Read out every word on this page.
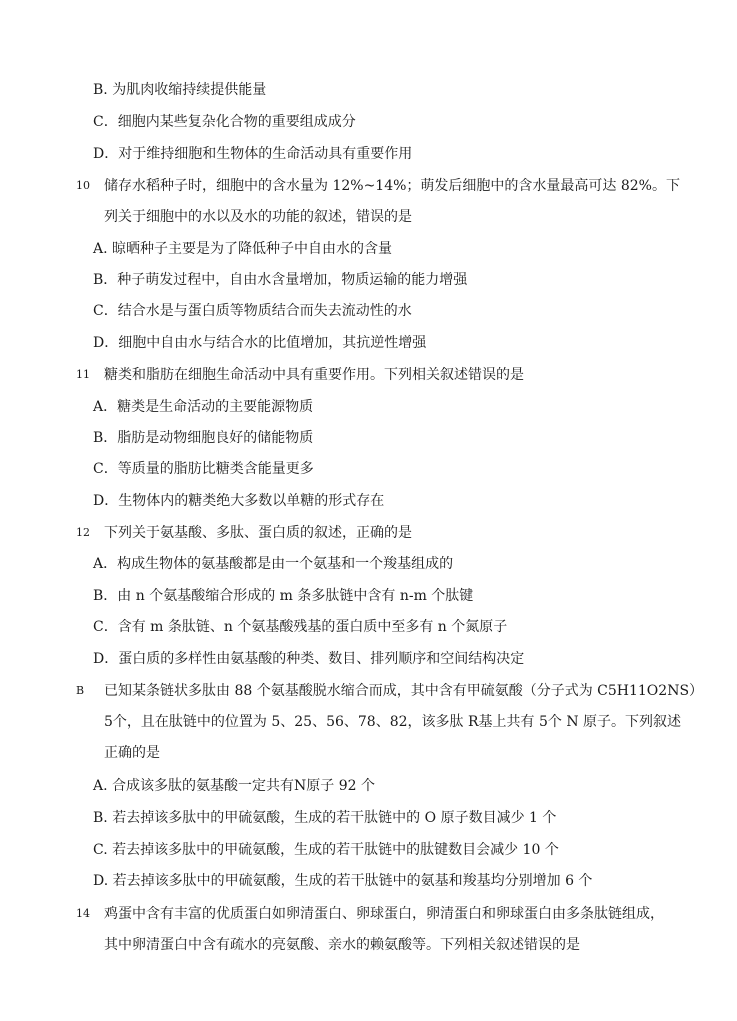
B. 为肌肉收缩持续提供能量
C．细胞内某些复杂化合物的重要组成成分
D．对于维持细胞和生物体的生命活动具有重要作用
10 储存水稻种子时，细胞中的含水量为 12%~14%；萌发后细胞中的含水量最高可达 82%。下
列关于细胞中的水以及水的功能的叙述，错误的是
A. 晾晒种子主要是为了降低种子中自由水的含量
B．种子萌发过程中，自由水含量增加，物质运输的能力增强
C．结合水是与蛋白质等物质结合而失去流动性的水
D．细胞中自由水与结合水的比值增加，其抗逆性增强
11 糖类和脂肪在细胞生命活动中具有重要作用。下列相关叙述错误的是
A．糖类是生命活动的主要能源物质
B．脂肪是动物细胞良好的储能物质
C．等质量的脂肪比糖类含能量更多
D．生物体内的糖类绝大多数以单糖的形式存在
12 下列关于氨基酸、多肽、蛋白质的叙述，正确的是
A．构成生物体的氨基酸都是由一个氨基和一个羧基组成的
B．由 n 个氨基酸缩合形成的 m 条多肽链中含有 n-m 个肽键
C．含有 m 条肽链、n 个氨基酸残基的蛋白质中至多有 n 个氮原子
D．蛋白质的多样性由氨基酸的种类、数目、排列顺序和空间结构决定
B 已知某条链状多肽由 88 个氨基酸脱水缩合而成，其中含有甲硫氨酸（分子式为 C5H11O2NS）
5个，且在肽链中的位置为 5、25、56、78、82，该多肽 R基上共有 5个 N 原子。下列叙述
正确的是
A. 合成该多肽的氨基酸一定共有N原子 92 个
B. 若去掉该多肽中的甲硫氨酸，生成的若干肽链中的 O 原子数目减少 1 个
C. 若去掉该多肽中的甲硫氨酸，生成的若干肽链中的肽键数目会减少 10 个
D. 若去掉该多肽中的甲硫氨酸，生成的若干肽链中的氨基和羧基均分别增加 6 个
14 鸡蛋中含有丰富的优质蛋白如卵清蛋白、卵球蛋白，卵清蛋白和卵球蛋白由多条肽链组成，
其中卵清蛋白中含有疏水的亮氨酸、亲水的赖氨酸等。下列相关叙述错误的是
